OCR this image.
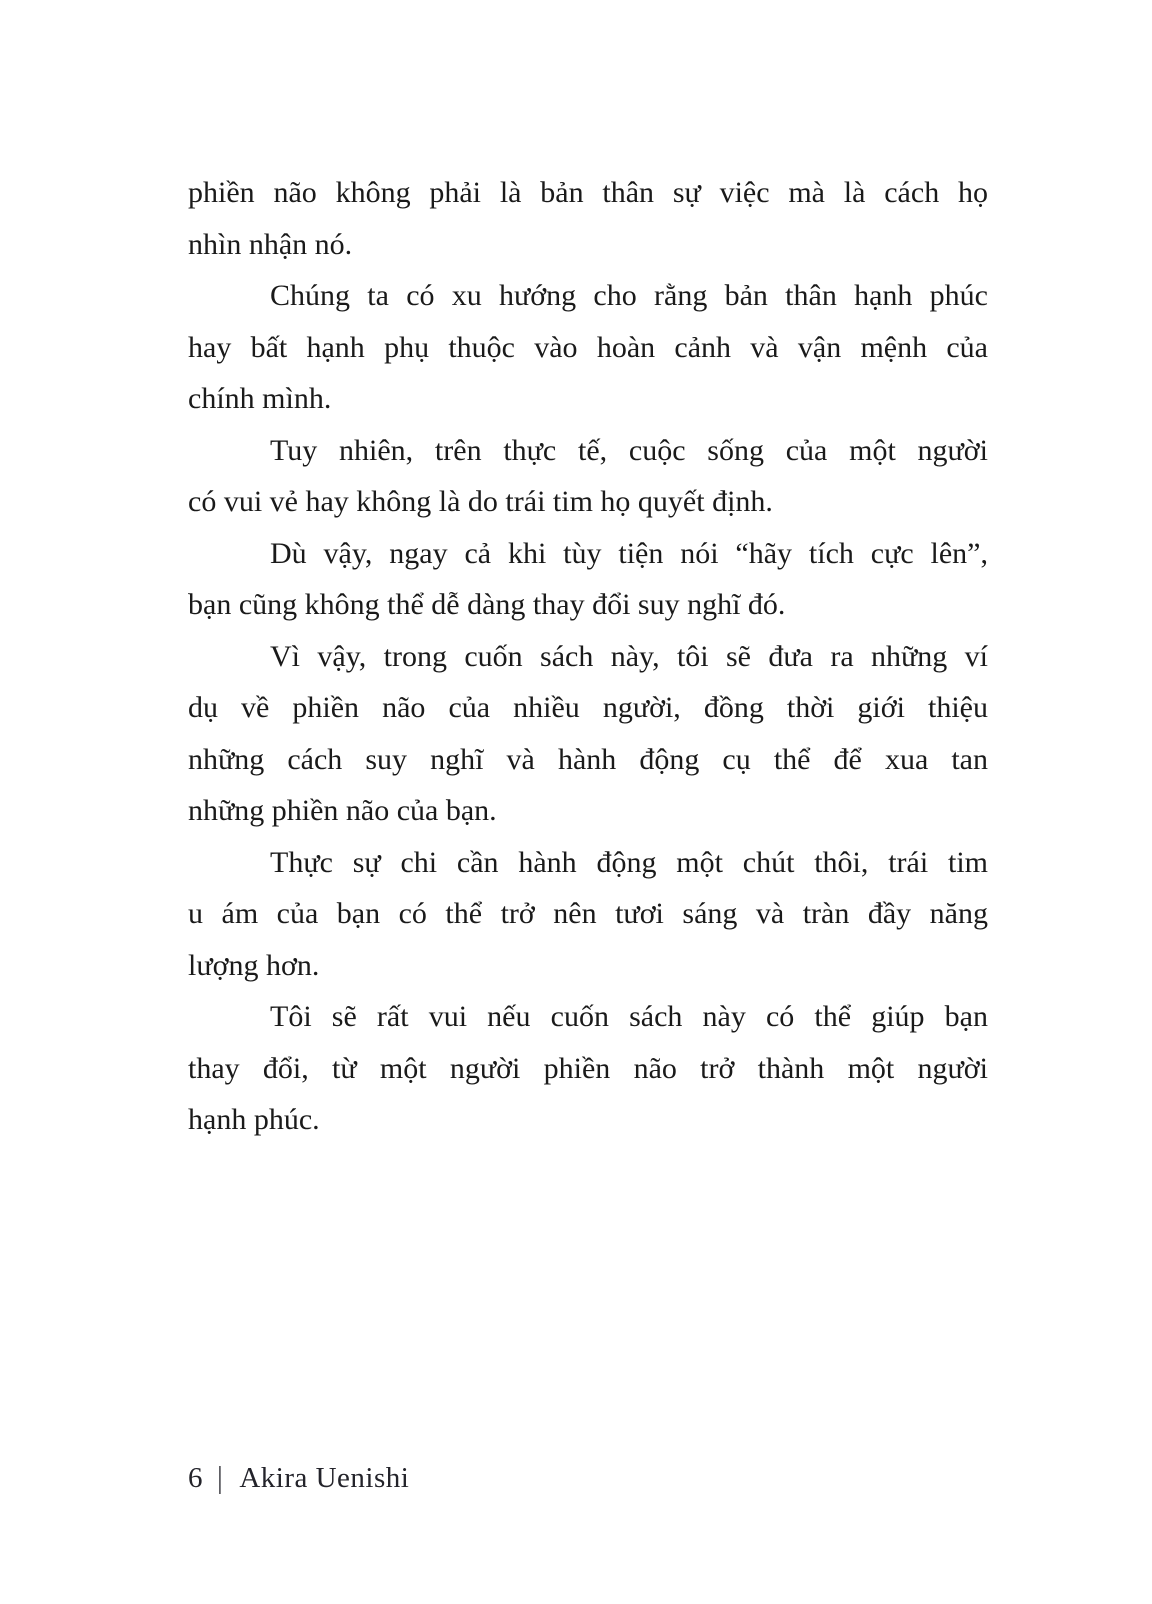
phiền não không phải là bản thân sự việc mà là cách họ
nhìn nhận nó.
Chúng ta có xu hướng cho rằng bản thân hạnh phúc
hay bất hạnh phụ thuộc vào hoàn cảnh và vận mệnh của
chính mình.
Tuy nhiên, trên thực tế, cuộc sống của một người
có vui vẻ hay không là do trái tim họ quyết định.
Dù vậy, ngay cả khi tùy tiện nói “hãy tích cực lên”,
bạn cũng không thể dễ dàng thay đổi suy nghĩ đó.
Vì vậy, trong cuốn sách này, tôi sẽ đưa ra những ví
dụ về phiền não của nhiều người, đồng thời giới thiệu
những cách suy nghĩ và hành động cụ thể để xua tan
những phiền não của bạn.
Thực sự chi cần hành động một chút thôi, trái tim
u ám của bạn có thể trở nên tươi sáng và tràn đầy năng
lượng hơn.
Tôi sẽ rất vui nếu cuốn sách này có thể giúp bạn
thay đổi, từ một người phiền não trở thành một người
hạnh phúc.
6 | Akira Uenishi
